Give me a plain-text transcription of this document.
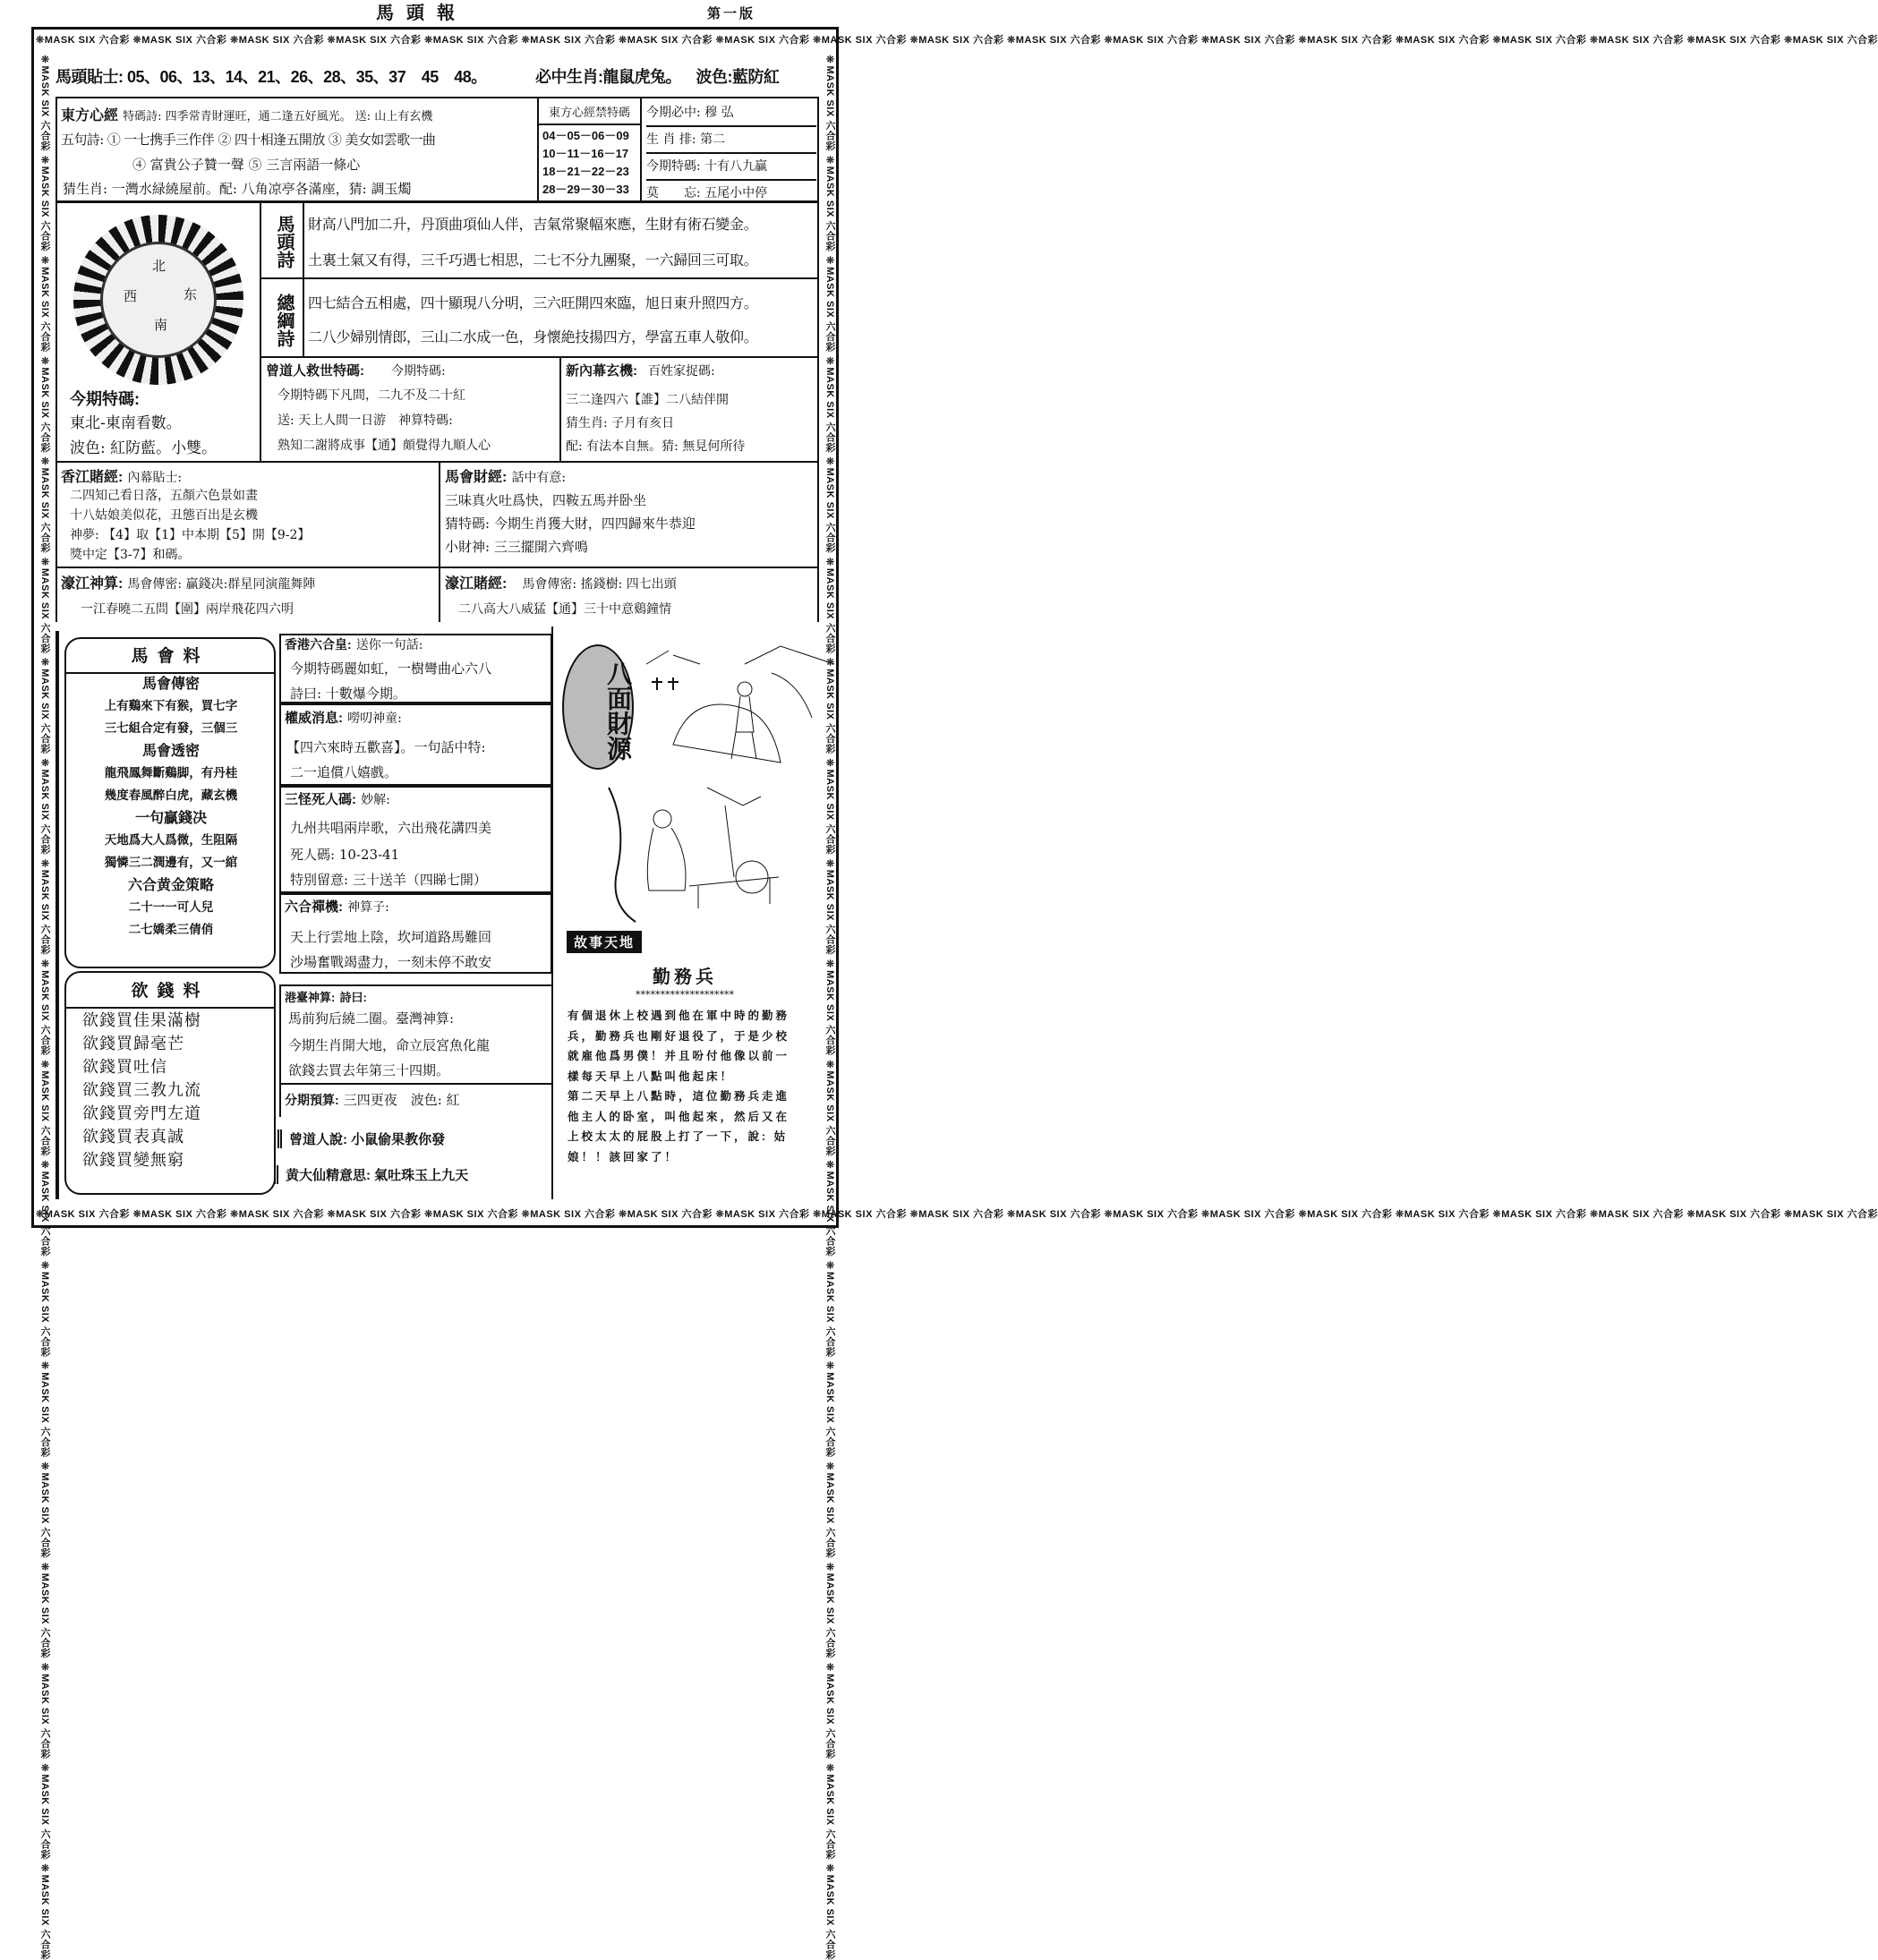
❊MASK SIX 六合彩 ❊MASK SIX 六合彩 ❊MASK SIX 六合彩 ❊MASK SIX 六合彩 ❊MASK SIX 六合彩 ❊MASK SIX 六合彩 ❊MASK SIX 六合彩 ❊MASK SIX 六合彩 ❊MASK SIX 六合彩 ❊MASK SIX 六合彩 ❊MASK SIX 六合彩 ❊MASK SIX 六合彩 ❊MASK SIX 六合彩 ❊MASK SIX 六合彩 ❊MASK SIX 六合彩 ❊MASK SIX 六合彩 ❊MASK SIX 六合彩 ❊MASK SIX 六合彩 ❊MASK SIX 六合彩
❊MASK SIX 六合彩 ❊MASK SIX 六合彩 ❊MASK SIX 六合彩 ❊MASK SIX 六合彩 ❊MASK SIX 六合彩 ❊MASK SIX 六合彩 ❊MASK SIX 六合彩 ❊MASK SIX 六合彩 ❊MASK SIX 六合彩 ❊MASK SIX 六合彩 ❊MASK SIX 六合彩 ❊MASK SIX 六合彩 ❊MASK SIX 六合彩 ❊MASK SIX 六合彩 ❊MASK SIX 六合彩 ❊MASK SIX 六合彩 ❊MASK SIX 六合彩 ❊MASK SIX 六合彩 ❊MASK SIX 六合彩
❊MASK SIX 六合彩 ❊MASK SIX 六合彩 ❊MASK SIX 六合彩 ❊MASK SIX 六合彩 ❊MASK SIX 六合彩 ❊MASK SIX 六合彩 ❊MASK SIX 六合彩 ❊MASK SIX 六合彩 ❊MASK SIX 六合彩 ❊MASK SIX 六合彩 ❊MASK SIX 六合彩 ❊MASK SIX 六合彩 ❊MASK SIX 六合彩 ❊MASK SIX 六合彩 ❊MASK SIX 六合彩 ❊MASK SIX 六合彩 ❊MASK SIX 六合彩 ❊MASK SIX 六合彩 ❊MASK SIX 六合彩	❊MASK SIX 六合彩 ❊MASK SIX 六合彩 ❊MASK SIX 六合彩 ❊MASK SIX 六合彩 ❊MASK SIX 六合彩 ❊MASK SIX 六合彩 ❊MASK SIX 六合彩 ❊MASK SIX 六合彩 ❊MASK SIX 六合彩 ❊MASK SIX 六合彩 ❊MASK SIX 六合彩 ❊MASK SIX 六合彩 ❊MASK SIX 六合彩 ❊MASK SIX 六合彩 ❊MASK SIX 六合彩 ❊MASK SIX 六合彩 ❊MASK SIX 六合彩 ❊MASK SIX 六合彩 ❊MASK SIX 六合彩
馬頭報	第一版
馬頭貼士: 05、06、13、14、21、26、28、35、37　45　48。	必中生肖:龍鼠虎兔。 波色:藍防紅
東方心經 特碼詩: 四季常青財運旺，通二逢五好風光。 送: 山上有玄機
五句詩: ① 一七携手三作伴 ② 四十相逢五開放 ③ 美女如雲歌一曲
④ 富貴公子贊一聲 ⑤ 三言兩語一條心
猜生肖: 一灣水緑繞屋前。配: 八角凉亭各滿座，猜: 調玉燭
東方心經禁特碼
04－05－06－09
10－11－16－17
18－21－22－23
28－29－30－33
今期必中: 穆 弘
生 肖 排: 第二
今期特碼: 十有八九贏
莫　　忘: 五尾小中停
北
西	东
南
今期特碼:
東北-東南看數。
波色: 紅防藍。小雙。
馬頭詩 財高八門加二升，丹頂曲項仙人伴，吉氣常聚幅來應，生財有術石變金。
土裏土氣又有得，三千巧遇七相思，二七不分九團聚，一六歸回三可取。
總綱詩 四七結合五相處，四十顯現八分明，三六旺開四來臨，旭日東升照四方。
二八少婦别情郎，三山二水成一色，身懷絶技揚四方，學富五車人敬仰。
曾道人救世特碼: 今期特碼:
今期特碼下凡間，二九不及二十紅
送: 天上人間一日游　神算特碼:
熟知二謝將成事【通】頗覺得九順人心
新內幕玄機: 百姓家捉碼:
三二逢四六【誰】二八結伴開
猜生肖: 子月有亥日
配: 有法本自無。猜: 無見何所待
香江賭經: 內幕貼士:
二四知己看日落，五顏六色景如畫
十八姑娘美似花，丑態百出是玄機
神夢: 【4】取【1】中本期【5】開【9-2】
獎中定【3-7】和碼。
馬會財經: 話中有意:
三味真火吐爲快，四鞍五馬并卧坐
猜特碼: 今期生肖獲大財，四四歸來牛恭迎
小財神: 三三擺開六齊鳴
濠江神算: 馬會傳密: 贏錢决:群星同演龍舞陣
一江春曉二五問【圍】兩岸飛花四六明
濠江賭經: 馬會傳密: 搖錢樹: 四七出頭
二八高大八威猛【通】三十中意鷄鐘情
馬會料
馬會傳密
上有鷄來下有猴，買七字
三七組合定有發，三個三
馬會透密
龍飛鳳舞斷鷄脚，有丹桂
幾度春風醉白虎，藏玄機
一句贏錢决
天地爲大人爲微，生阻隔
獨憐三二潤邊有，又一綰
六合黄金策略
二十一一可人兒
二七嬌柔三倩俏
欲錢料
欲錢買佳果滿樹
欲錢買歸毫芒
欲錢買吐信
欲錢買三教九流
欲錢買旁門左道
欲錢買表真誠
欲錢買變無窮
香港六合皇: 送你一句話:
今期特碼麗如虹，一樹彎曲心六八
詩曰: 十數爆今期。
權威消息: 嘮叨神童:
【四六來時五歡喜】。一句話中特:
二一追償八嬉戲。
三怪死人碼: 妙解:
九州共唱兩岸歌，六出飛花講四美
死人碼: 10-23-41
特別留意: 三十送羊（四睇七開）
六合禪機: 神算子:
天上行雲地上陰，坎坷道路馬難回
沙場奮戰竭盡力，一刻未停不敢安
港臺神算: 詩曰:
馬前狗后繞二圈。臺灣神算:
今期生肖開大地，命立辰宮魚化龍
欲錢去買去年第三十四期。
分期預算: 三四更夜　波色: 紅
曾道人說: 小鼠偷果教你發
黄大仙精意思: 氣吐珠玉上九天
八面財源
故事天地
勤務兵
********************
有個退休上校遇到他在軍中時的勤務
兵，勤務兵也剛好退役了，于是少校
就雇他爲男僕！并且吩付他像以前一
樣每天早上八點叫他起床！
第二天早上八點時，這位勤務兵走進
他主人的卧室，叫他起來，然后又在
上校太太的屁股上打了一下，說: 姑
娘！！該回家了！
